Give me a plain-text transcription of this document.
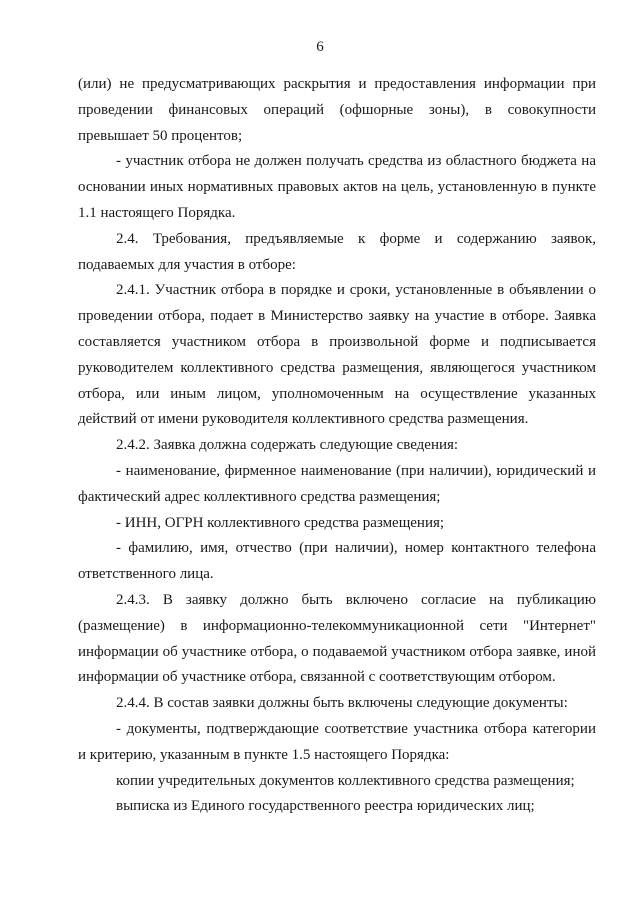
6

(или) не предусматривающих раскрытия и предоставления информации при проведении финансовых операций (офшорные зоны), в совокупности превышает 50 процентов;

- участник отбора не должен получать средства из областного бюджета на основании иных нормативных правовых актов на цель, установленную в пункте 1.1 настоящего Порядка.

2.4. Требования, предъявляемые к форме и содержанию заявок, подаваемых для участия в отборе:

2.4.1. Участник отбора в порядке и сроки, установленные в объявлении о проведении отбора, подает в Министерство заявку на участие в отборе. Заявка составляется участником отбора в произвольной форме и подписывается руководителем коллективного средства размещения, являющегося участником отбора, или иным лицом, уполномоченным на осуществление указанных действий от имени руководителя коллективного средства размещения.

2.4.2. Заявка должна содержать следующие сведения:

- наименование, фирменное наименование (при наличии), юридический и фактический адрес коллективного средства размещения;

- ИНН, ОГРН коллективного средства размещения;

- фамилию, имя, отчество (при наличии), номер контактного телефона ответственного лица.

2.4.3. В заявку должно быть включено согласие на публикацию (размещение) в информационно-телекоммуникационной сети "Интернет" информации об участнике отбора, о подаваемой участником отбора заявке, иной информации об участнике отбора, связанной с соответствующим отбором.

2.4.4. В состав заявки должны быть включены следующие документы:

- документы, подтверждающие соответствие участника отбора категории и критерию, указанным в пункте 1.5 настоящего Порядка:

копии учредительных документов коллективного средства размещения;

выписка из Единого государственного реестра юридических лиц;
